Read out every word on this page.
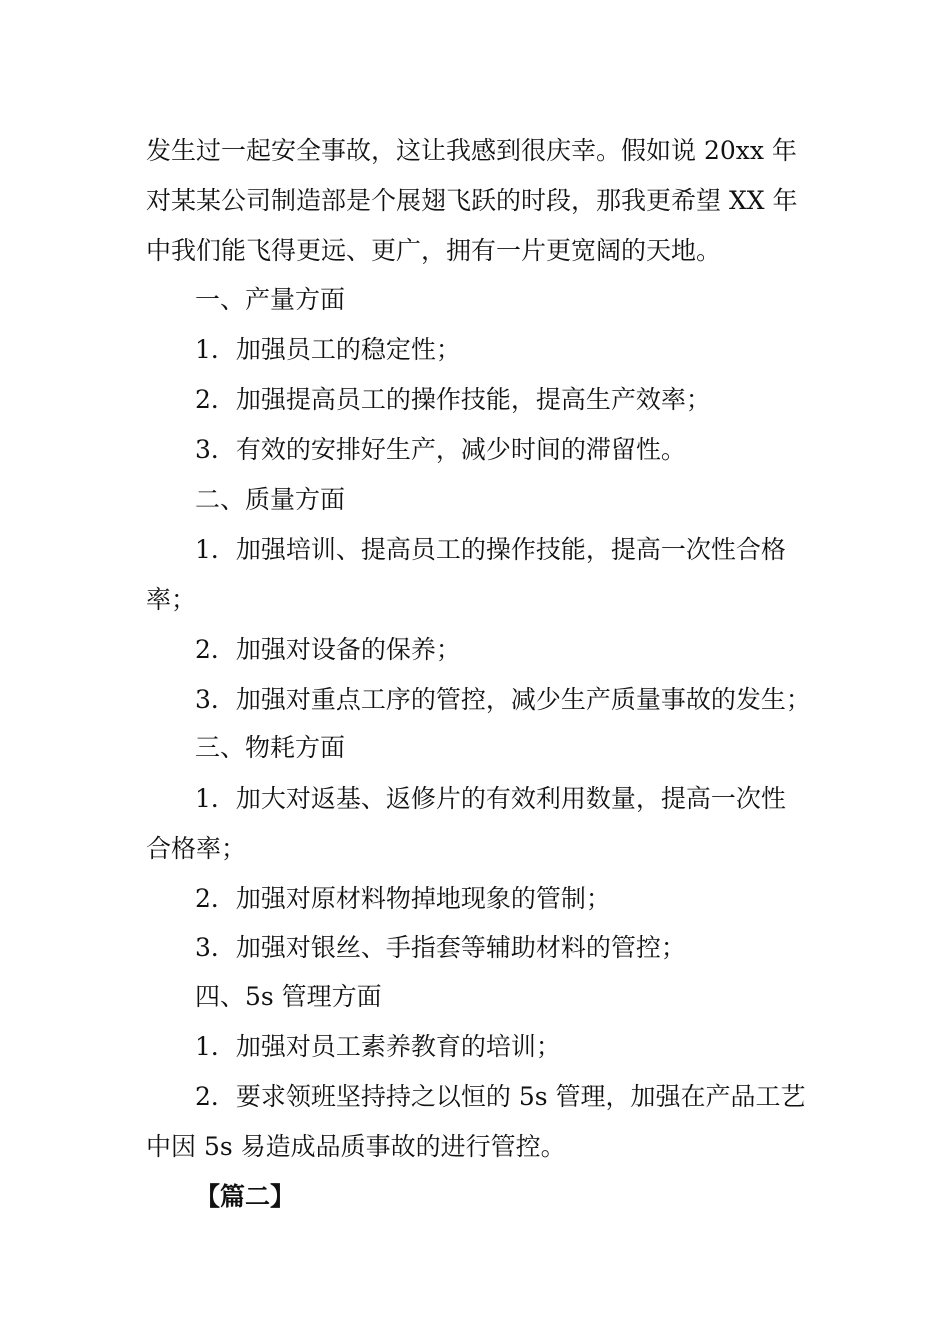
发生过一起安全事故，这让我感到很庆幸。假如说 20xx 年
对某某公司制造部是个展翅飞跃的时段，那我更希望 XX 年
中我们能飞得更远、更广，拥有一片更宽阔的天地。
一、产量方面
1．加强员工的稳定性；
2．加强提高员工的操作技能，提高生产效率；
3．有效的安排好生产，减少时间的滞留性。
二、质量方面
1．加强培训、提高员工的操作技能，提高一次性合格
率；
2．加强对设备的保养；
3．加强对重点工序的管控，减少生产质量事故的发生；
三、物耗方面
1．加大对返基、返修片的有效利用数量，提高一次性
合格率；
2．加强对原材料物掉地现象的管制；
3．加强对银丝、手指套等辅助材料的管控；
四、5s 管理方面
1．加强对员工素养教育的培训；
2．要求领班坚持持之以恒的 5s 管理，加强在产品工艺
中因 5s 易造成品质事故的进行管控。
【篇二】
